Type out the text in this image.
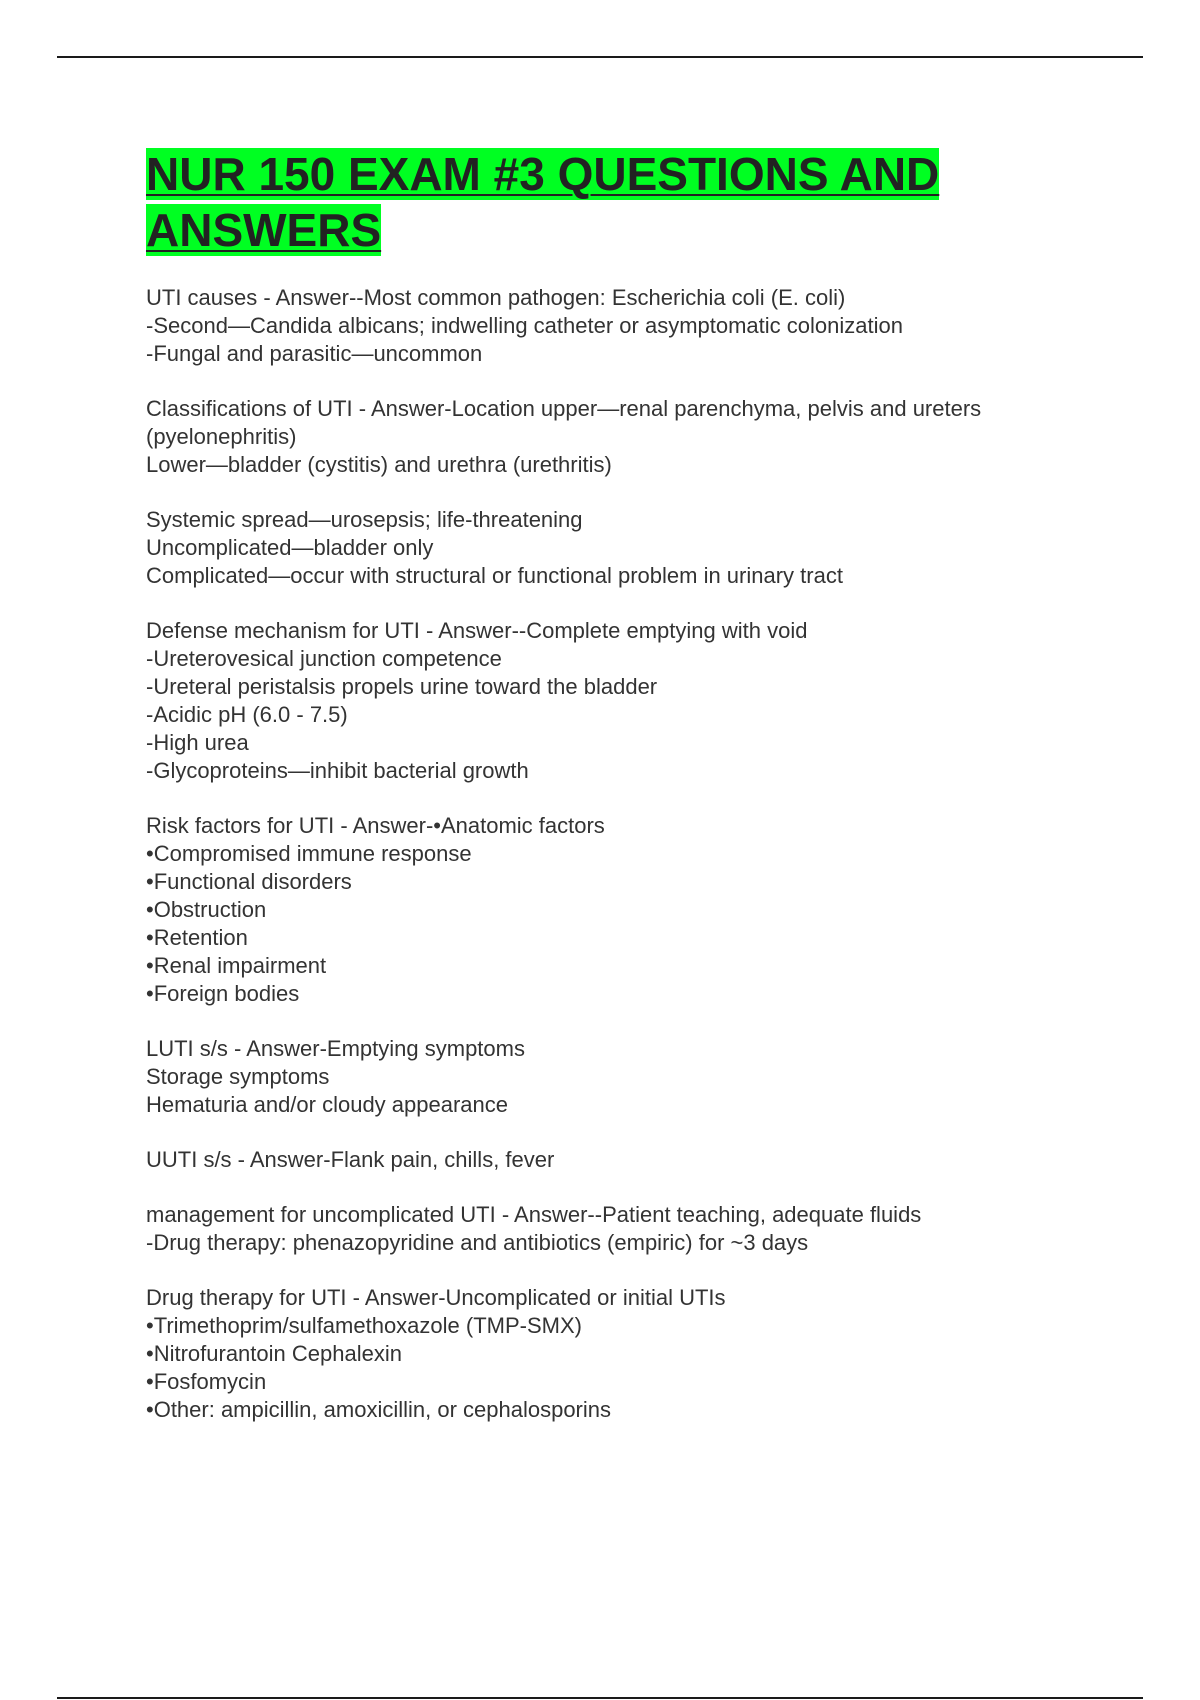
NUR 150 EXAM #3 QUESTIONS AND ANSWERS
UTI causes - Answer--Most common pathogen: Escherichia coli (E. coli)
-Second—Candida albicans; indwelling catheter or asymptomatic colonization
-Fungal and parasitic—uncommon
Classifications of UTI - Answer-Location upper—renal parenchyma, pelvis and ureters (pyelonephritis)
Lower—bladder (cystitis) and urethra (urethritis)
Systemic spread—urosepsis; life-threatening
Uncomplicated—bladder only
Complicated—occur with structural or functional problem in urinary tract
Defense mechanism for UTI - Answer--Complete emptying with void
-Ureterovesical junction competence
-Ureteral peristalsis propels urine toward the bladder
-Acidic pH (6.0 - 7.5)
-High urea
-Glycoproteins—inhibit bacterial growth
Risk factors for UTI - Answer-•Anatomic factors
•Compromised immune response
•Functional disorders
•Obstruction
•Retention
•Renal impairment
•Foreign bodies
LUTI s/s - Answer-Emptying symptoms
Storage symptoms
Hematuria and/or cloudy appearance
UUTI s/s - Answer-Flank pain, chills, fever
management for uncomplicated UTI - Answer--Patient teaching, adequate fluids
-Drug therapy: phenazopyridine and antibiotics (empiric) for ~3 days
Drug therapy for UTI - Answer-Uncomplicated or initial UTIs
•Trimethoprim/sulfamethoxazole (TMP-SMX)
•Nitrofurantoin Cephalexin
•Fosfomycin
•Other: ampicillin, amoxicillin, or cephalosporins
